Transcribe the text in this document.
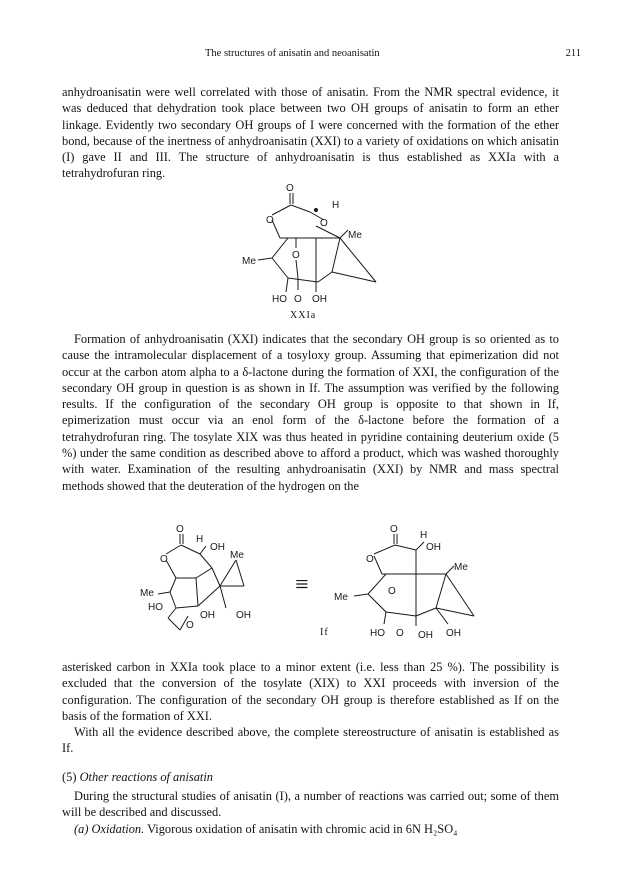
The structures of anisatin and neoanisatin	211

anhydroanisatin were well correlated with those of anisatin. From the NMR spectral evidence, it was deduced that dehydration took place between two OH groups of anisatin to form an ether linkage. Evidently two secondary OH groups of I were concerned with the formation of the ether bond, because of the inertness of anhydroanisatin (XXI) to a variety of oxidations on which anisatin (I) gave II and III. The structure of anhydroanisatin is thus established as XXIa with a tetrahydrofuran ring.

O
H
O	O
Me
O
Me
HO O OH
XXIa

Formation of anhydroanisatin (XXI) indicates that the secondary OH group is so oriented as to cause the intramolecular displacement of a tosyloxy group. Assuming that epimerization did not occur at the carbon atom alpha to a δ-lactone during the formation of XXI, the configuration of the secondary OH group in question is as shown in If. The assumption was verified by the following results. If the configuration of the secondary OH group is opposite to that shown in If, epimerization must occur via an enol form of the δ-lactone before the formation of a tetrahydrofuran ring. The tosylate XIX was thus heated in pyridine containing deuterium oxide (5 %) under the same condition as described above to afford a product, which was washed thoroughly with water. Examination of the resulting anhydroanisatin (XXI) by NMR and mass spectral methods showed that the deuteration of the hydrogen on the

O
H
OH
Me
O
Me
HO
OH OH
O
≡
O
H
OH
O
Me
O
Me
HO O OH OH
If

asterisked carbon in XXIa took place to a minor extent (i.e. less than 25 %). The possibility is excluded that the conversion of the tosylate (XIX) to XXI proceeds with inversion of the configuration. The configuration of the secondary OH group is therefore established as If on the basis of the formation of XXI.

With all the evidence described above, the complete stereostructure of anisatin is established as If.

(5) Other reactions of anisatin

During the structural studies of anisatin (I), a number of reactions was carried out; some of them will be described and discussed.

(a) Oxidation. Vigorous oxidation of anisatin with chromic acid in 6N H₂SO₄
